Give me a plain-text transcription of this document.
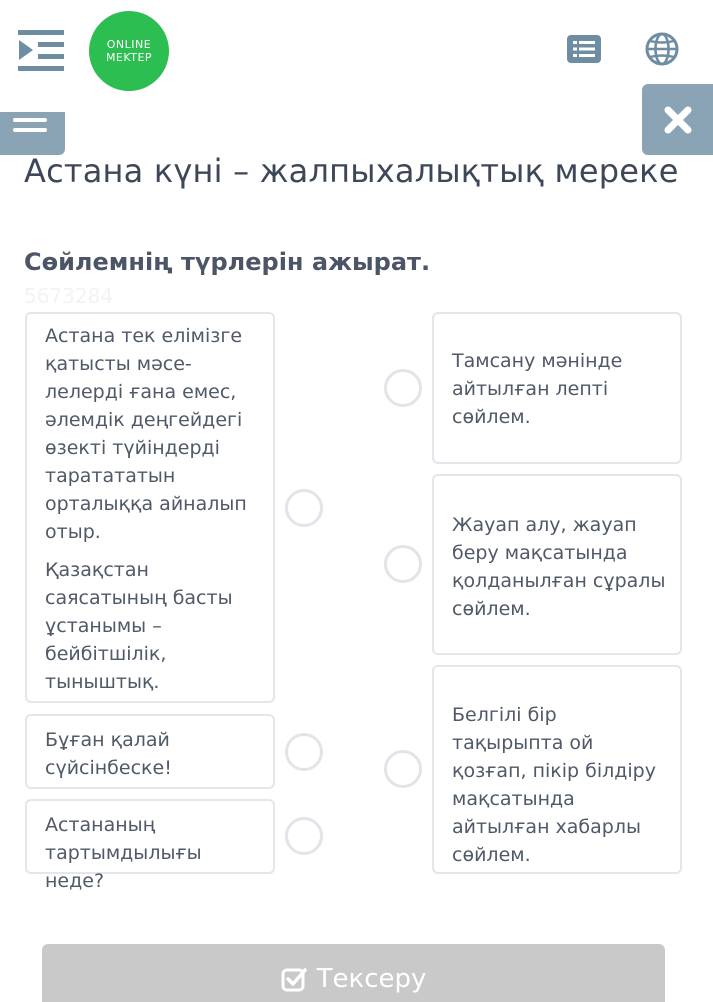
ONLINE
MEKTEP
Астана күні – жалпыхалықтық мереке
Сөйлемнің түрлерін ажырат.
5673284

Астана тек елімізге қатысты мәсе-лелерді ғана емес, әлемдік деңгейдегі өзекті түйіндерді таратататын орталыққа айналып отыр.

Қазақстан саясатының басты ұстанымы – бейбітшілік, тыныштық.

Бұған қалай сүйсінбеске!

Астананың тартымдылығы неде?

Тамсану мәнінде айтылған лепті сөйлем.

Жауап алу, жауап беру мақсатында қолданылған сұралы сөйлем.

Белгілі бір тақырыпта ой қозғап, пікір білдіру мақсатында айтылған хабарлы сөйлем.

Тексеру
